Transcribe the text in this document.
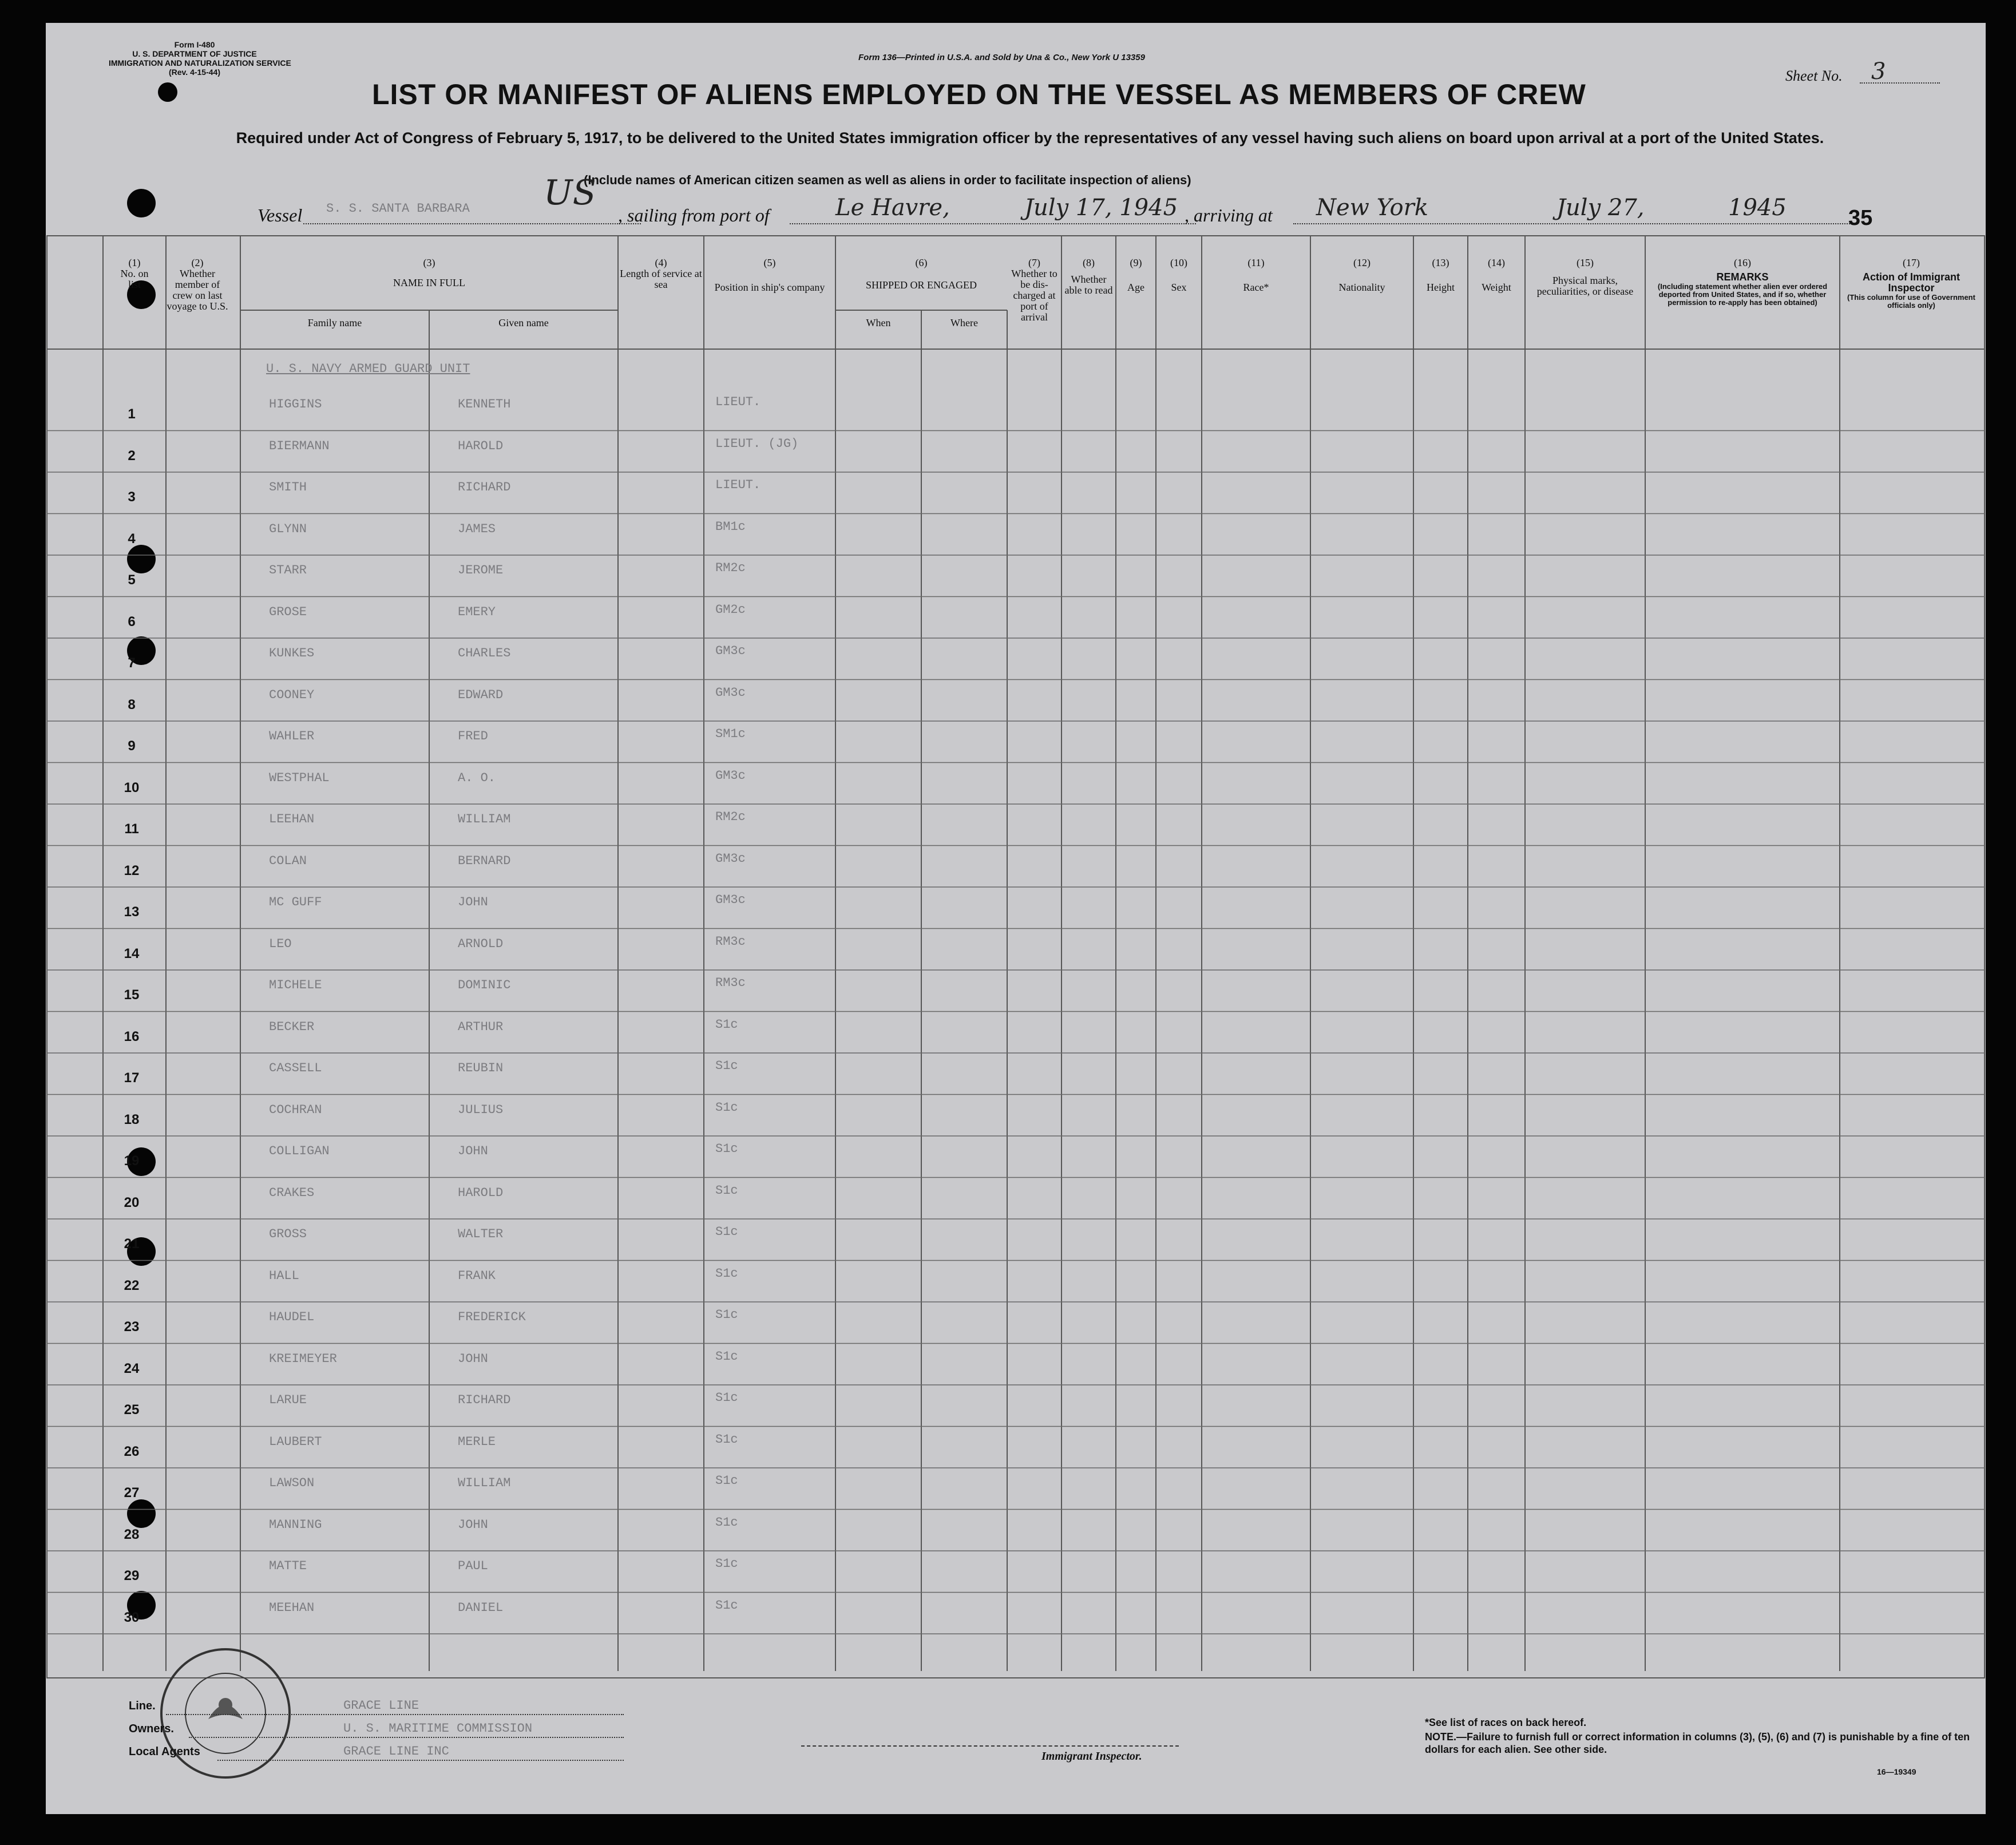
Form I-480
U. S. DEPARTMENT OF JUSTICE
IMMIGRATION AND NATURALIZATION SERVICE
(Rev. 4-15-44)
Form 136—Printed in U.S.A. and Sold by Una & Co., New York U 13359
Sheet No. 3
LIST OR MANIFEST OF ALIENS EMPLOYED ON THE VESSEL AS MEMBERS OF CREW
Required under Act of Congress of February 5, 1917, to be delivered to the United States immigration officer by the representatives of any vessel having such aliens on board upon arrival at a port of the United States.
(Include names of American citizen seamen as well as aliens in order to facilitate inspection of aliens)
Vessel S. S. SANTA BARBARA US
, sailing from port of	Le Havre,	July 17, 1945 , arriving at New York	July 27,	1945	35
(1)
No. on list
(2)
Whether member of crew on last voyage to U.S.
(3)
NAME IN FULL
Family name	Given name
(4)
Length of service at sea
(5)
Position in ship's company
(6)
SHIPPED OR ENGAGED
When	Where
(7)
Whether to be dis-charged at port of arrival
(8)
Whether able to read
(9)
Age
(10)
Sex
(11)
Race*
(12)
Nationality
(13)
Height
(14)
Weight
(15)
Physical marks, peculiarities, or disease
(16)
REMARKS
(Including statement whether alien ever ordered deported from United States, and if so, whether permission to re-apply has been obtained)
(17)
Action of Immigrant Inspector
(This column for use of Government officials only)
U. S. NAVY ARMED GUARD UNIT
1
HIGGINS	KENNETH	LIEUT.
2
BIERMANN	HAROLD	LIEUT. (JG)
3
SMITH	RICHARD	LIEUT.
4
GLYNN	JAMES	BM1c
5
STARR	JEROME	RM2c
6
GROSE	EMERY	GM2c
7
KUNKES	CHARLES	GM3c
8
COONEY	EDWARD	GM3c
9
WAHLER	FRED	SM1c
10
WESTPHAL	A. O.	GM3c
11
LEEHAN	WILLIAM	RM2c
12
COLAN	BERNARD	GM3c
13
MC GUFF	JOHN	GM3c
14
LEO	ARNOLD	RM3c
15
MICHELE	DOMINIC	RM3c
16
BECKER	ARTHUR	S1c
17
CASSELL	REUBIN	S1c
18
COCHRAN	JULIUS	S1c
19
COLLIGAN	JOHN	S1c
20
CRAKES	HAROLD	S1c
21
GROSS	WALTER	S1c
22
HALL	FRANK	S1c
23
HAUDEL	FREDERICK	S1c
24
KREIMEYER	JOHN	S1c
25
LARUE	RICHARD	S1c
26
LAUBERT	MERLE	S1c
27
LAWSON	WILLIAM	S1c
28
MANNING	JOHN	S1c
29
MATTE	PAUL	S1c
30
MEEHAN	DANIEL	S1c
Line.	GRACE LINE
Owners.	U. S. MARITIME COMMISSION
Local Agents	GRACE LINE INC	Immigrant Inspector.
*See list of races on back hereof.
NOTE.—Failure to furnish full or correct information in columns (3), (5), (6) and (7) is punishable by a fine of ten dollars for each alien. See other side.
16—19349
